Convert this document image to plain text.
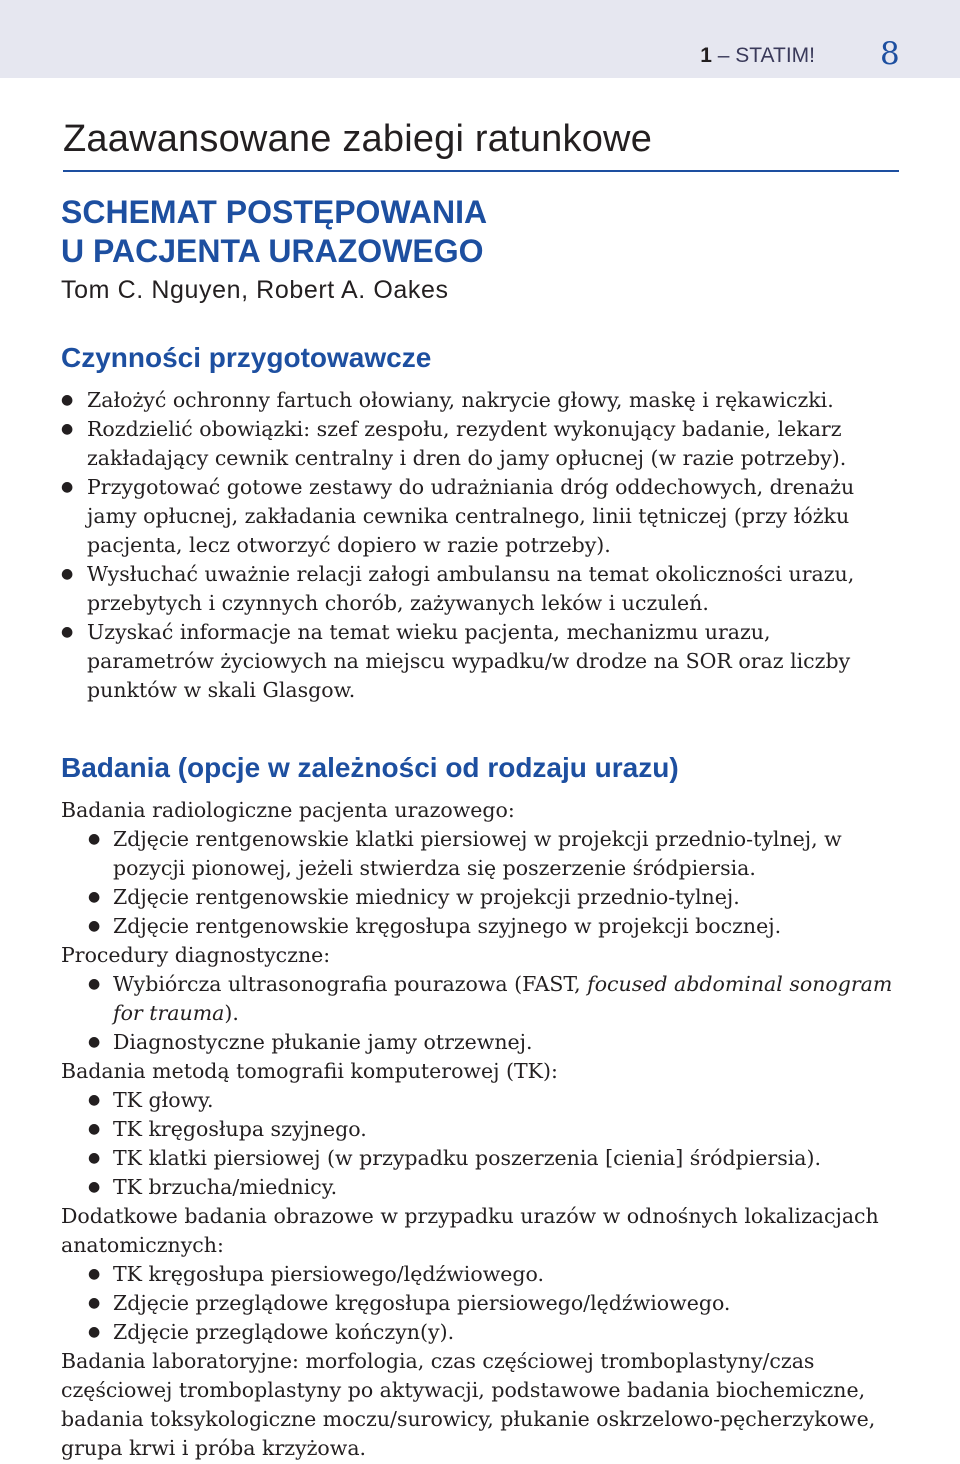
1 – STATIM! 8
Zaawansowane zabiegi ratunkowe
SCHEMAT POSTĘPOWANIA
U PACJENTA URAZOWEGO
Tom C. Nguyen, Robert A. Oakes
Czynności przygotowawcze
● Założyć ochronny fartuch ołowiany, nakrycie głowy, maskę i rękawiczki.
● Rozdzielić obowiązki: szef zespołu, rezydent wykonujący badanie, lekarz zakładający cewnik centralny i dren do jamy opłucnej (w razie potrzeby).
● Przygotować gotowe zestawy do udrażniania dróg oddechowych, drenażu jamy opłucnej, zakładania cewnika centralnego, linii tętniczej (przy łóżku pacjenta, lecz otworzyć dopiero w razie potrzeby).
● Wysłuchać uważnie relacji załogi ambulansu na temat okoliczności urazu, przebytych i czynnych chorób, zażywanych leków i uczuleń.
● Uzyskać informacje na temat wieku pacjenta, mechanizmu urazu, parametrów życiowych na miejscu wypadku/w drodze na SOR oraz liczby punktów w skali Glasgow.
Badania (opcje w zależności od rodzaju urazu)

Badania radiologiczne pacjenta urazowego:

● Zdjęcie rentgenowskie klatki piersiowej w projekcji przednio-tylnej, w pozycji pionowej, jeżeli stwierdza się poszerzenie śródpiersia.
● Zdjęcie rentgenowskie miednicy w projekcji przednio-tylnej.
● Zdjęcie rentgenowskie kręgosłupa szyjnego w projekcji bocznej.

Procedury diagnostyczne:

● Wybiórcza ultrasonografia pourazowa (FAST, focused abdominal sonogram for trauma).
● Diagnostyczne płukanie jamy otrzewnej.

Badania metodą tomografii komputerowej (TK):

● TK głowy.
● TK kręgosłupa szyjnego.
● TK klatki piersiowej (w przypadku poszerzenia [cienia] śródpiersia).
● TK brzucha/miednicy.

Dodatkowe badania obrazowe w przypadku urazów w odnośnych lokalizacjach anatomicznych:

● TK kręgosłupa piersiowego/lędźwiowego.
● Zdjęcie przeglądowe kręgosłupa piersiowego/lędźwiowego.
● Zdjęcie przeglądowe kończyn(y).

Badania laboratoryjne: morfologia, czas częściowej tromboplastyny/czas częściowej tromboplastyny po aktywacji, podstawowe badania biochemiczne, badania toksykologiczne moczu/surowicy, płukanie oskrzelowo-pęcherzykowe, grupa krwi i próba krzyżowa.
